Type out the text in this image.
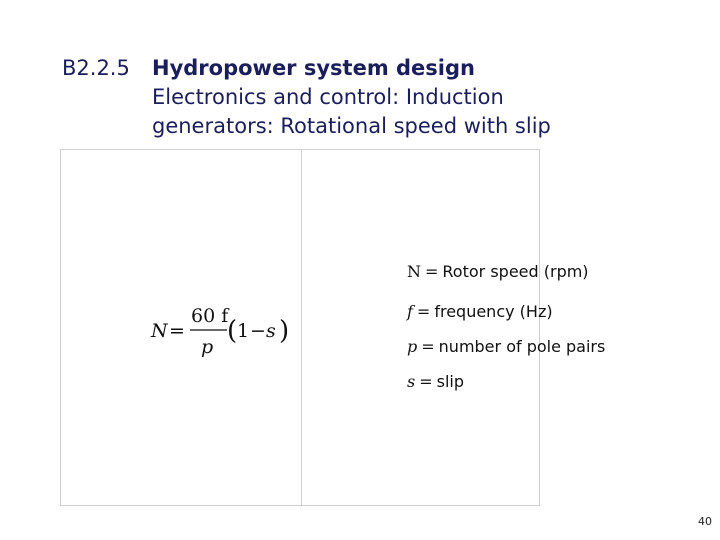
B2.2.5 Hydropower system design
Electronics and control: Induction
generators: Rotational speed with slip
N =
60 f
p
( 1 − s )
N = Rotor speed (rpm)
f = frequency (Hz)
p = number of pole pairs
s = slip
40
